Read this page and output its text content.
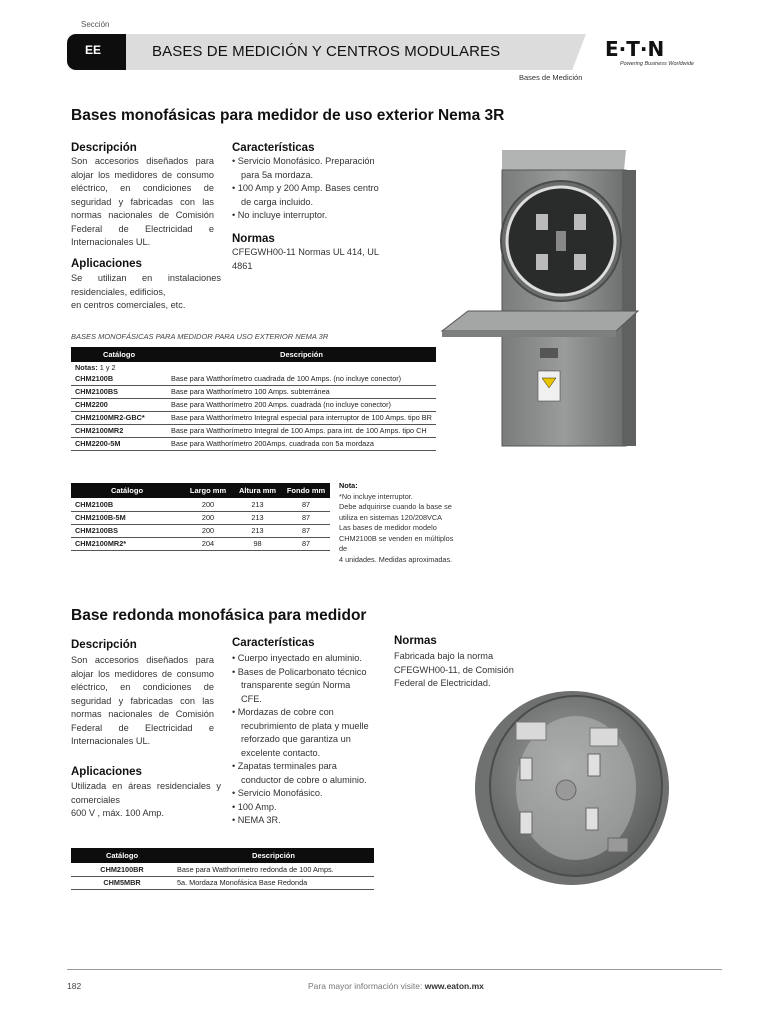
Sección
EE	BASES DE MEDICIÓN Y CENTROS MODULARES	E·T·N
Powering Business Worldwide
Bases de Medición
Bases monofásicas para medidor de uso exterior Nema 3R
Descripción
Son accesorios diseñados para alojar los medidores de consumo eléctrico, en condiciones de seguridad y fabricadas con las normas nacionales de Comisión Federal de Electricidad e Internacionales UL.
Aplicaciones
Se utilizan en instalaciones
residenciales, edificios,
en centros comerciales, etc.
Características
• Servicio Monofásico. Preparación para 5a mordaza.
• 100 Amp y 200 Amp. Bases centro de carga incluido.
• No incluye interruptor.
Normas
CFEGWH00-11 Normas UL 414, UL 4861
BASES MONOFÁSICAS PARA MEDIDOR PARA USO EXTERIOR NEMA 3R
Catálogo	Descripción
Notas: 1 y 2	
CHM2100B	Base para Watthorímetro cuadrada de 100 Amps. (no incluye conector)
CHM2100BS	Base para Watthorímetro 100 Amps. subterránea
CHM2200	Base para Watthorímetro 200 Amps. cuadrada (no incluye conector)
CHM2100MR2-GBC*	Base para Watthorímetro Integral especial para interruptor de 100 Amps. tipo BR
CHM2100MR2	Base para Watthorímetro Integral de 100 Amps. para int. de 100 Amps. tipo CH
CHM2200-5M	Base para Watthorímetro 200Amps. cuadrada con 5a mordaza
Catálogo	Largo mm	Altura mm	Fondo mm
CHM2100B	200	213	87
CHM2100B-5M	200	213	87
CHM2100BS	200	213	87
CHM2100MR2*	204	98	87
Nota:
*No incluye interruptor.
Debe adquirirse cuando la base se
utiliza en sistemas 120/208VCA
Las bases de medidor modelo
CHM2100B se venden en múltiplos de
4 unidades. Medidas aproximadas.
Base redonda monofásica para medidor
Descripción
Son accesorios diseñados para alojar los medidores de consumo eléctrico, en condiciones de seguridad y fabricadas con las normas nacionales de Comisión Federal de Electricidad e Internacionales UL.
Aplicaciones
Utilizada en áreas residenciales y
comerciales
600 V , máx. 100 Amp.
Características
• Cuerpo inyectado en aluminio.
• Bases de Policarbonato técnico transparente según Norma CFE.
• Mordazas de cobre con recubrimiento de plata y muelle reforzado que garantiza un excelente contacto.
• Zapatas terminales para conductor de cobre o aluminio.
• Servicio Monofásico.
• 100 Amp.
• NEMA 3R.
Normas
Fabricada bajo la norma
CFEGWH00-11, de Comisión
Federal de Electricidad.
Catálogo	Descripción
CHM2100BR	Base para Watthorímetro redonda de 100 Amps.
CHM5MBR	5a. Mordaza Monofásica Base Redonda
182	Para mayor información visite: www.eaton.mx
